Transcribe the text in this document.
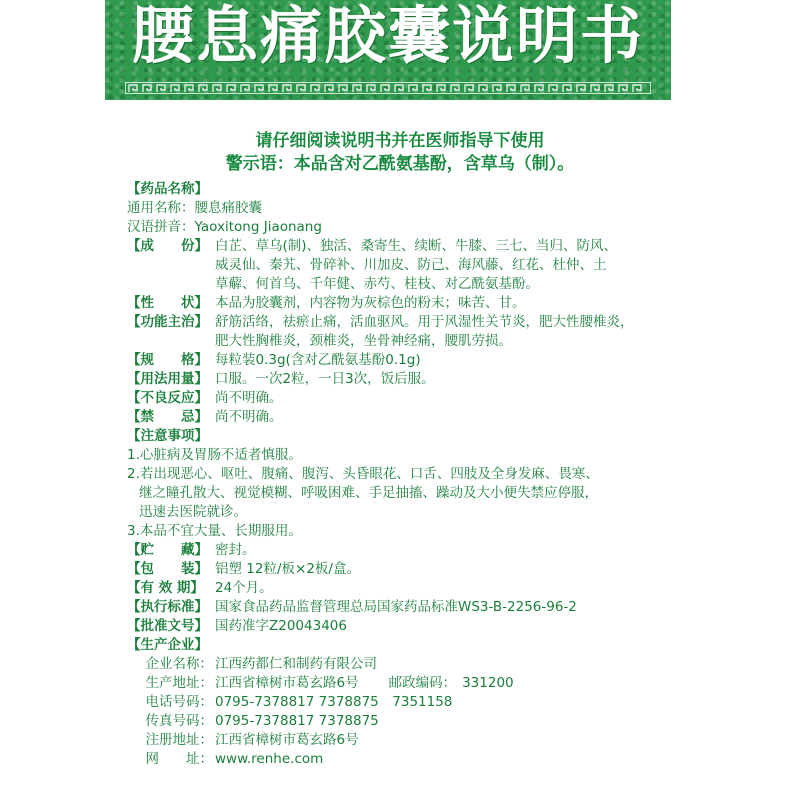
腰息痛胶囊说明书
请仔细阅读说明书并在医师指导下使用
警示语：本品含对乙酰氨基酚，含草乌（制）。
【药品名称】
通用名称： 腰息痛胶囊
汉语拼音： Yaoxitong Jiaonang
【成　　份】 白芷、草乌(制)、独活、桑寄生、续断、牛膝、三七、当归、防风、
威灵仙、秦艽、骨碎补、川加皮、防己、海风藤、红花、杜仲、土
草薢、何首乌、千年健、赤芍、桂枝、对乙酰氨基酚。
【性　　状】 本品为胶囊剂，内容物为灰棕色的粉末；味苦、甘。
【功能主治】 舒筋活络，祛瘀止痛，活血驱风。用于风湿性关节炎，肥大性腰椎炎，
肥大性胸椎炎，颈椎炎，坐骨神经痛，腰肌劳损。
【规　　格】 每粒装0.3g(含对乙酰氨基酚0.1g)
【用法用量】 口服。一次2粒，一日3次，饭后服。
【不良反应】 尚不明确。
【禁　　忌】 尚不明确。
【注意事项】
1.心脏病及胃肠不适者慎服。
2.若出现恶心、呕吐、腹痛、腹泻、头昏眼花、口舌、四肢及全身发麻、畏寒、
继之瞳孔散大、视觉模糊、呼吸困难、手足抽搐、躁动及大小便失禁应停服，
迅速去医院就诊。
3.本品不宜大量、长期服用。
【贮　　藏】 密封。
【包　　装】 铝塑 12粒/板×2板/盒。
【有 效 期】 24个月。
【执行标准】 国家食品药品监督管理总局国家药品标准WS3-B-2256-96-2
【批准文号】 国药准字Z20043406
【生产企业】
企业名称： 江西药都仁和制药有限公司
生产地址： 江西省樟树市葛玄路6号 邮政编码： 331200
电话号码： 0795-7378817 7378875　7351158
传真号码： 0795-7378817 7378875
注册地址： 江西省樟树市葛玄路6号
网　　址： www.renhe.com
